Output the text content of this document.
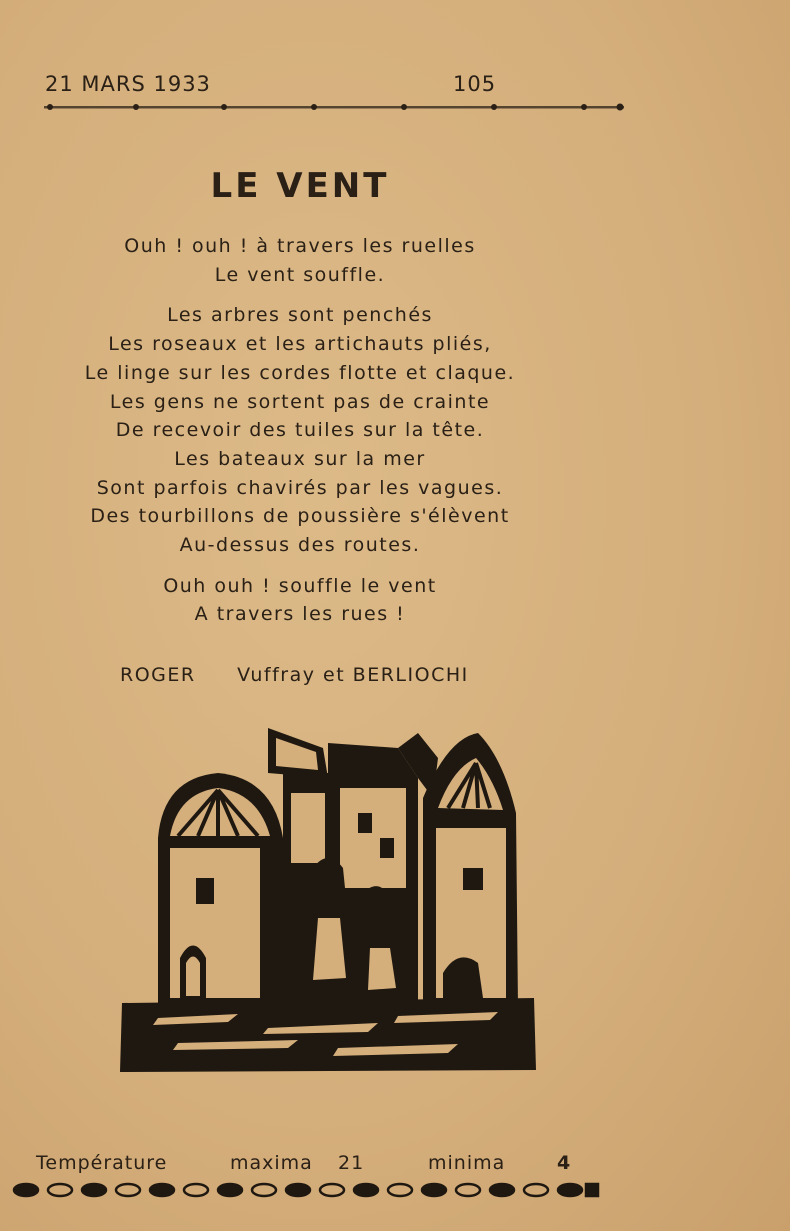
21 MARS 1933	105
LE VENT
Ouh ! ouh ! à travers les ruelles
Le vent souffle.
Les arbres sont penchés
Les roseaux et les artichauts pliés,
Le linge sur les cordes flotte et claque.
Les gens ne sortent pas de crainte
De recevoir des tuiles sur la tête.
Les bateaux sur la mer
Sont parfois chavirés par les vagues.
Des tourbillons de poussière s'élèvent
Au-dessus des routes.
Ouh ouh ! souffle le vent
A travers les rues !
ROGER Vuffray et BERLIOCHI
Température	maxima 21	minima	4
